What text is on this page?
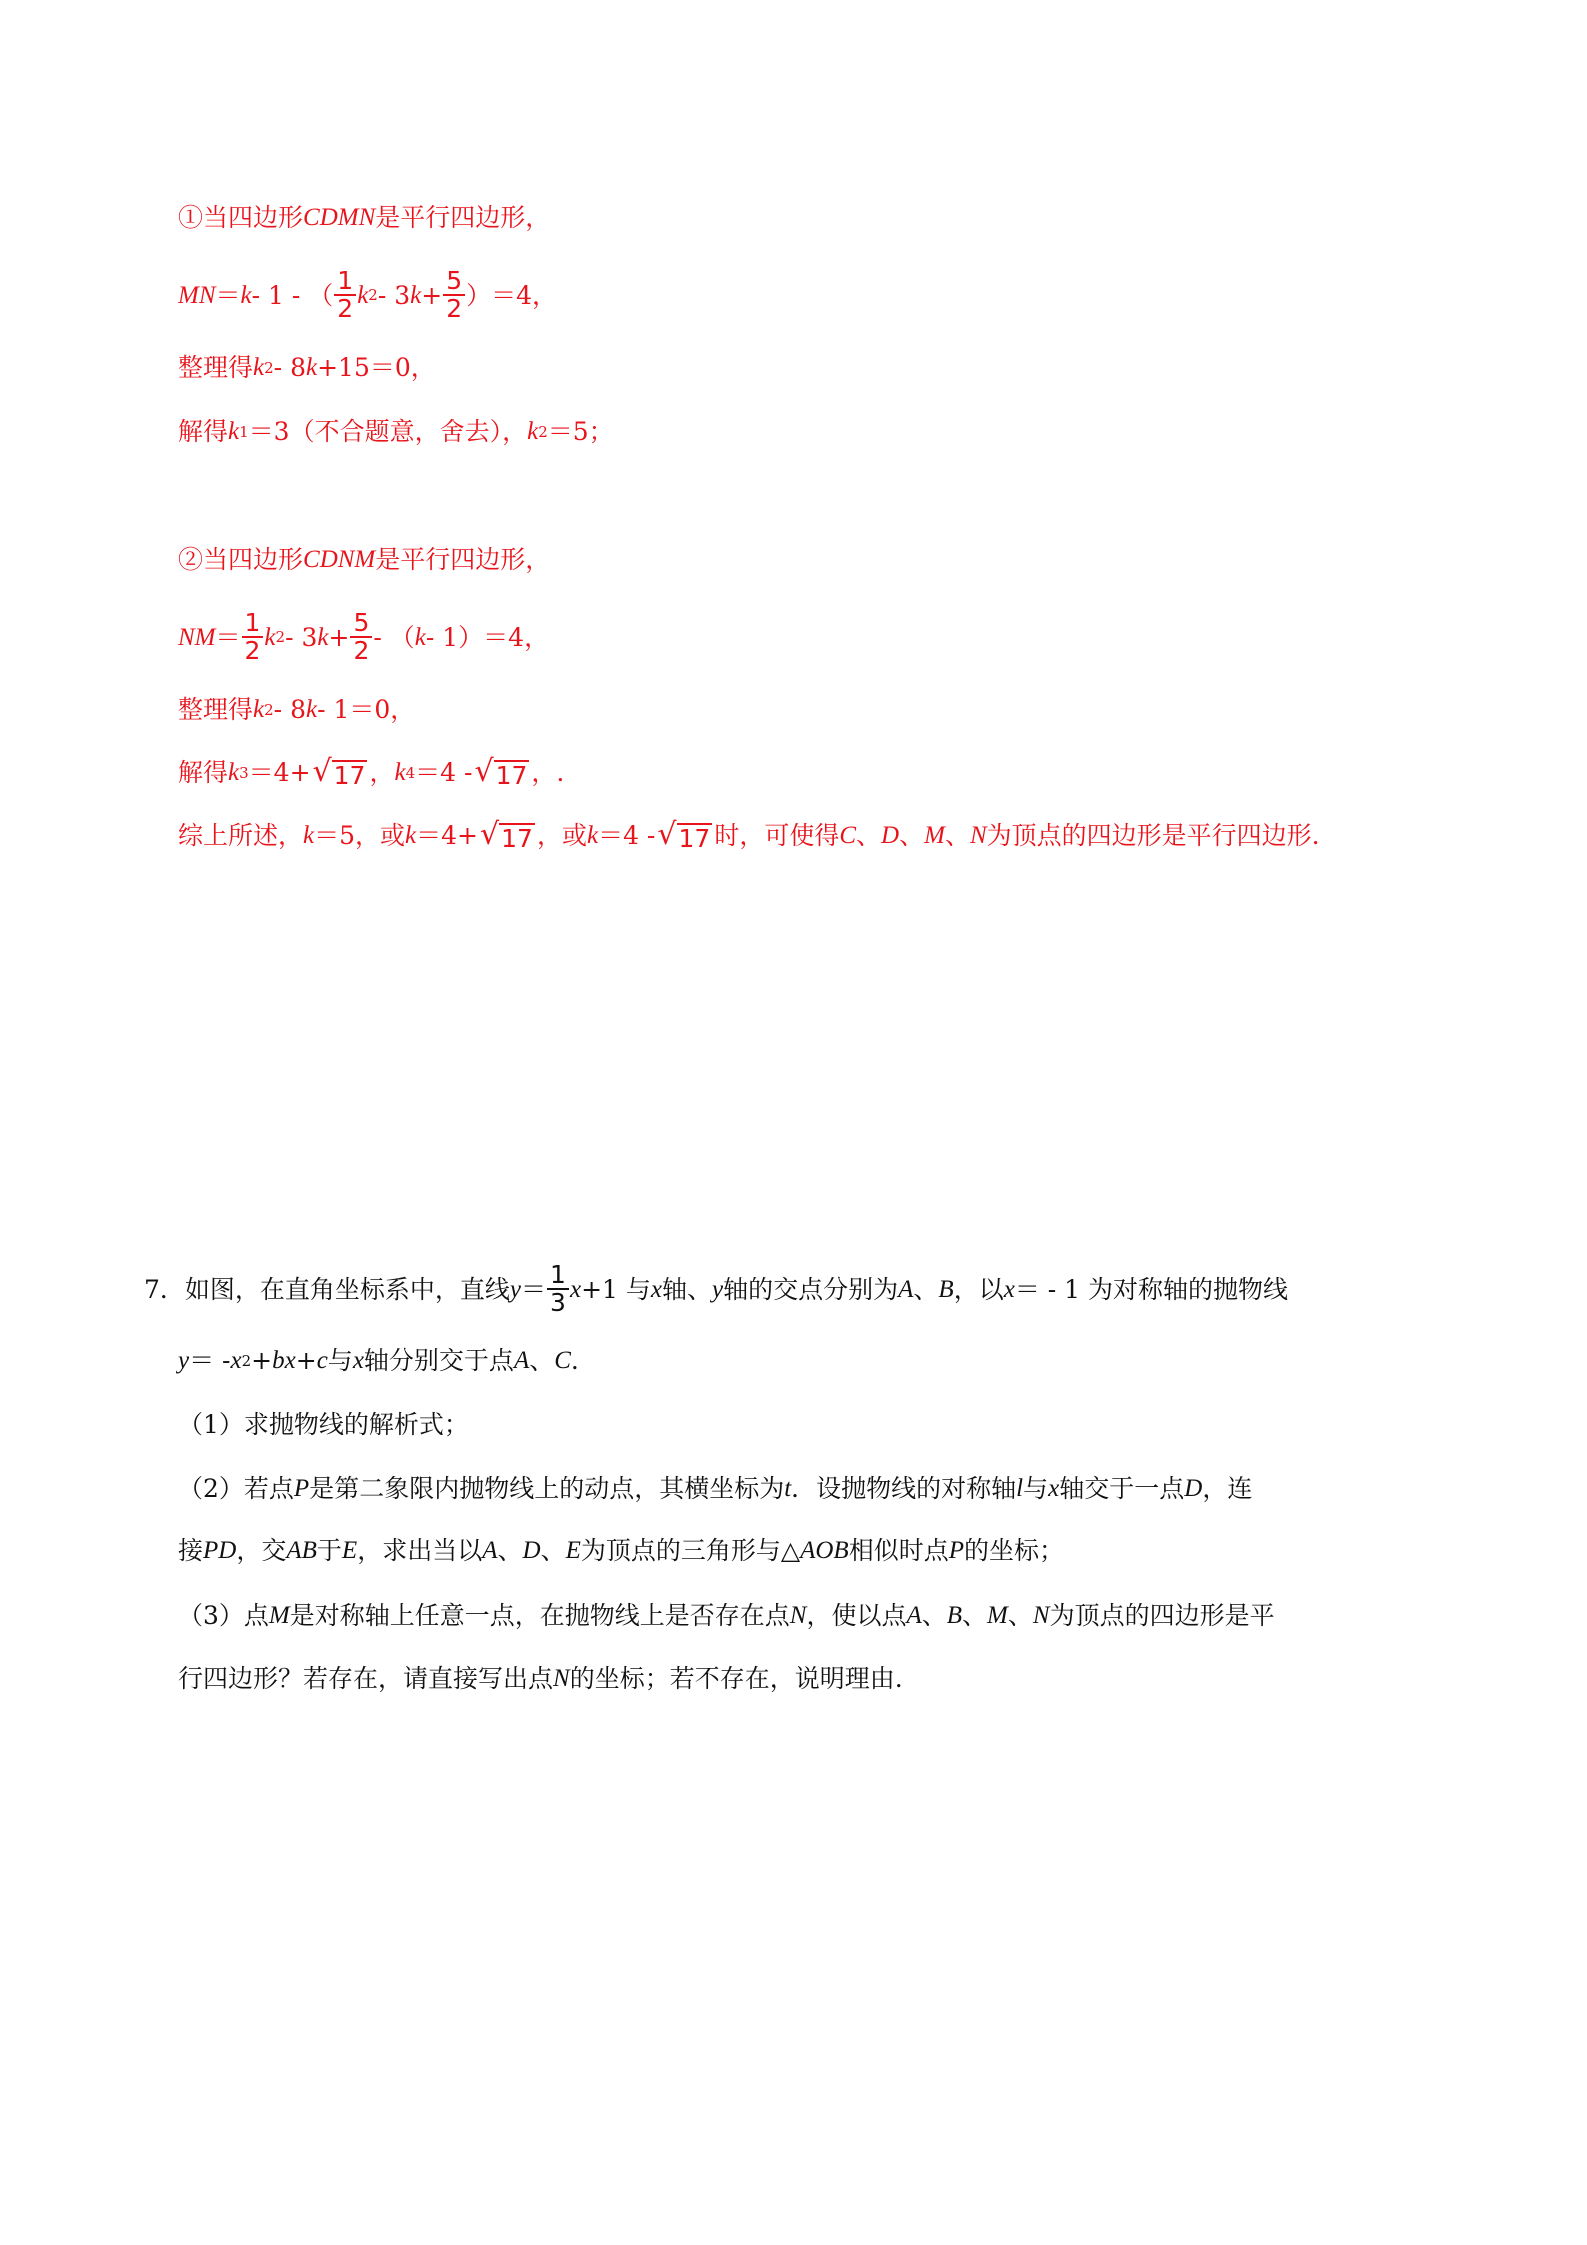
①当四边形 CDMN 是平行四边形，
MN ＝ k - 1 - （ $\frac{1}{2}$ k 2 - 3 $k + \frac{5}{2} )=4$，
整理得 k 2 - 8 k +15＝0，
解得 k 1 ＝3（不合题意，舍去）， k 2 ＝5；
②当四边形 CDNM 是平行四边形，
NM ＝ $\frac{1}{2}$ k 2 - 3 $k + \frac{5}{2}$ - （ k - 1）＝4，
整理得 k 2 - 8 k - 1＝0，
解得 k 3 ＝4+ √ 17 ， k 4 ＝4 - √ 17 ，.
综上所述， k ＝5，或 k ＝4+ √ 17 ，或 k ＝4 - √ 17 时，可使得 C 、 D 、 M 、 N 为顶点的四边形是平行四边形.
7． 如图，在直角坐标系中，直线 $y = \frac{1}{3}$ x +1 与 x 轴、 y 轴的交点分别为 A 、 B ，以 x ＝ - 1 为对称轴的抛物线
y ＝ - x 2 + bx + c 与 x 轴分别交于点 A 、 C .
（1）求抛物线的解析式；
（2）若点 P 是第二象限内抛物线上的动点，其横坐标为 t ．设抛物线的对称轴 l 与 x 轴交于一点 D ，连
接 PD ，交 AB 于 E ，求出当以 A 、 D 、 E 为顶点的三角形与△ AOB 相似时点 P 的坐标；
（3）点 M 是对称轴上任意一点，在抛物线上是否存在点 N ，使以点 A 、 B 、 M 、 N 为顶点的四边形是平
行四边形？若存在，请直接写出点 N 的坐标；若不存在，说明理由.
